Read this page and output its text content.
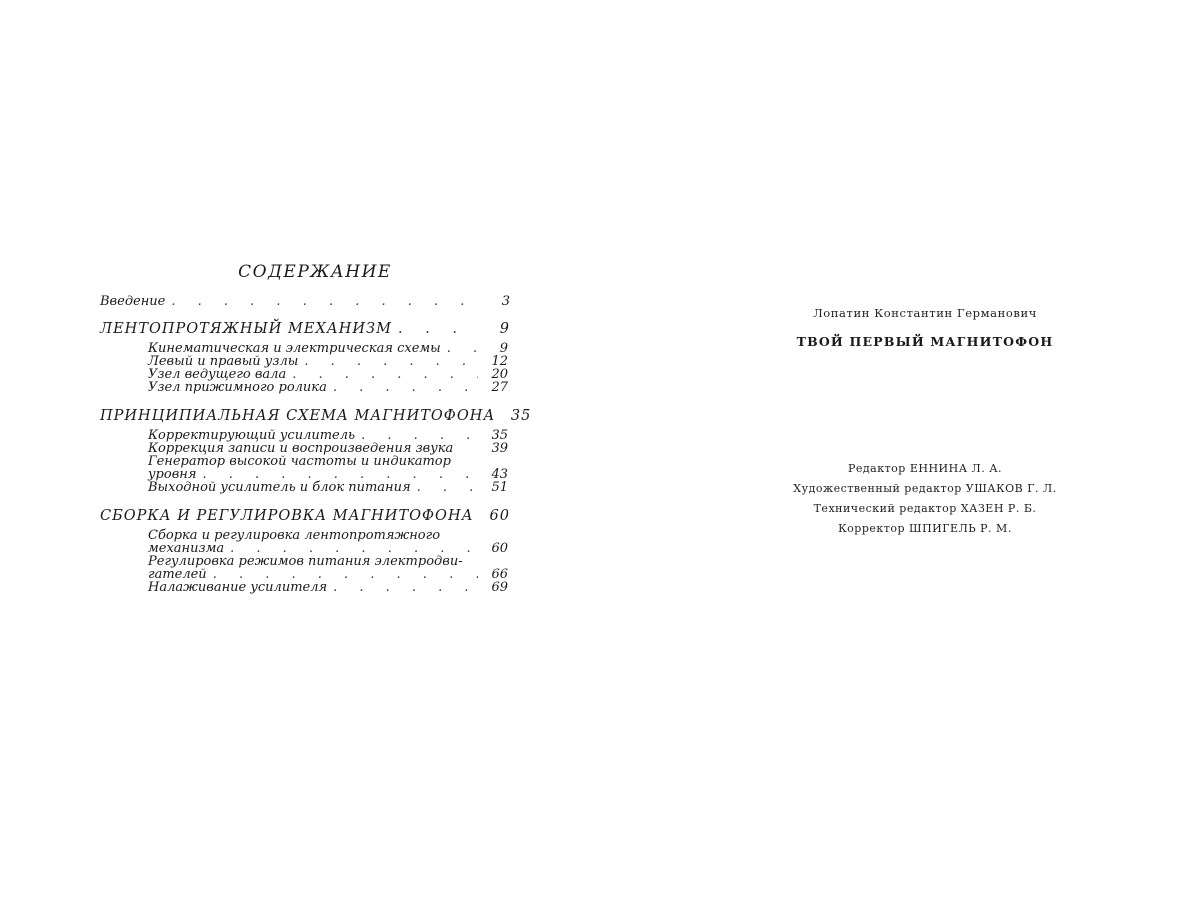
СОДЕРЖАНИЕ
Введение . . .	3
ЛЕНТОПРОТЯЖНЫЙ МЕХАНИЗМ . . .	9
Кинематическая и электрическая схемы . . .	9
Левый и правый узлы . . .	12
Узел ведущего вала . . .	20
Узел прижимного ролика . . .	27
ПРИНЦИПИАЛЬНАЯ СХЕМА МАГНИТОФОНА 35
Корректирующий усилитель . . .	35
Коррекция записи и воспроизведения звука	39
Генератор высокой частоты и индикатор
уровня . . .	43
Выходной усилитель и блок питания . . .	51
СБОРКА И РЕГУЛИРОВКА МАГНИТОФОНА 60
Сборка и регулировка лентопротяжного
механизма . . .	60
Регулировка режимов питания электродви-
гателей . . .	66
Налаживание усилителя . . .	69
Лопатин Константин Германович
ТВОЙ ПЕРВЫЙ МАГНИТОФОН
Редактор ЕННИНА Л. А.
Художественный редактор УШАКОВ Г. Л.
Технический редактор ХАЗЕН Р. Б.
Корректор ШПИГЕЛЬ Р. М.
